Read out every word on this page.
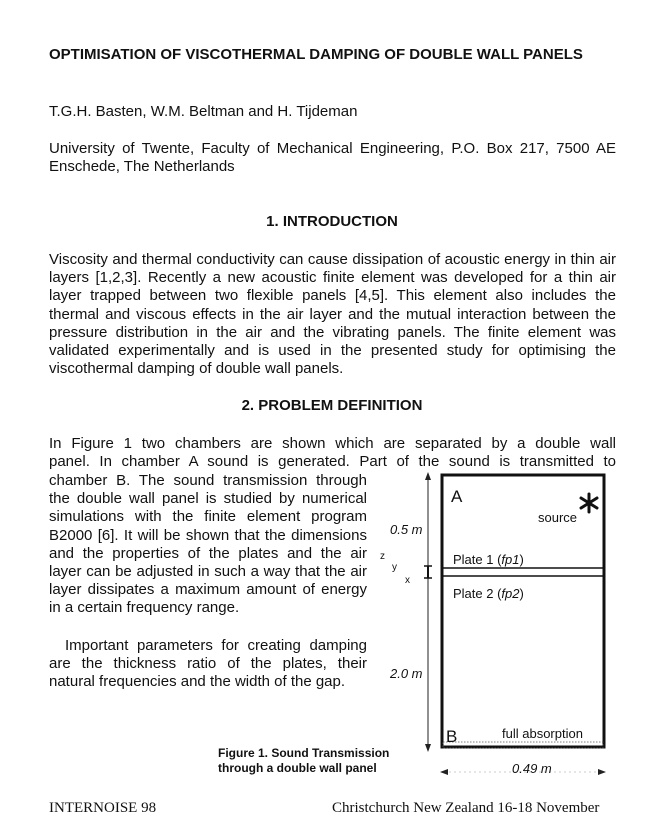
OPTIMISATION OF VISCOTHERMAL DAMPING OF DOUBLE WALL PANELS
T.G.H. Basten, W.M. Beltman and H. Tijdeman
University of Twente, Faculty of Mechanical Engineering, P.O. Box 217, 7500 AE Enschede, The Netherlands
1. INTRODUCTION
Viscosity and thermal conductivity can cause dissipation of acoustic energy in thin air layers [1,2,3]. Recently a new acoustic finite element was developed for a thin air layer trapped between two flexible panels [4,5]. This element also includes the thermal and viscous effects in the air layer and the mutual interaction between the pressure distribution in the air and the vibrating panels. The finite element was validated experimentally and is used in the presented study for optimising the viscothermal damping of double wall panels.
2. PROBLEM DEFINITION
In Figure 1 two chambers are shown which are separated by a double wall
panel. In chamber A sound is generated. Part of the sound is transmitted to
chamber B. The sound transmission through the double wall panel is studied by numerical simulations with the finite element program B2000 [6]. It will be shown that the dimensions and the properties of the plates and the air layer can be adjusted in such a way that the air layer dissipates a maximum amount of energy in a certain frequency range.
Important parameters for creating damping are the thickness ratio of the plates, their natural frequencies and the width of the gap.
A
B
source
Plate 1 (fp1)
Plate 2 (fp2)
0.5 m
2.0 m
0.49 m
full absorption
z
y
x
Figure 1. Sound Transmission
through a double wall panel
INTERNOISE 98	Christchurch New Zealand 16-18 November
